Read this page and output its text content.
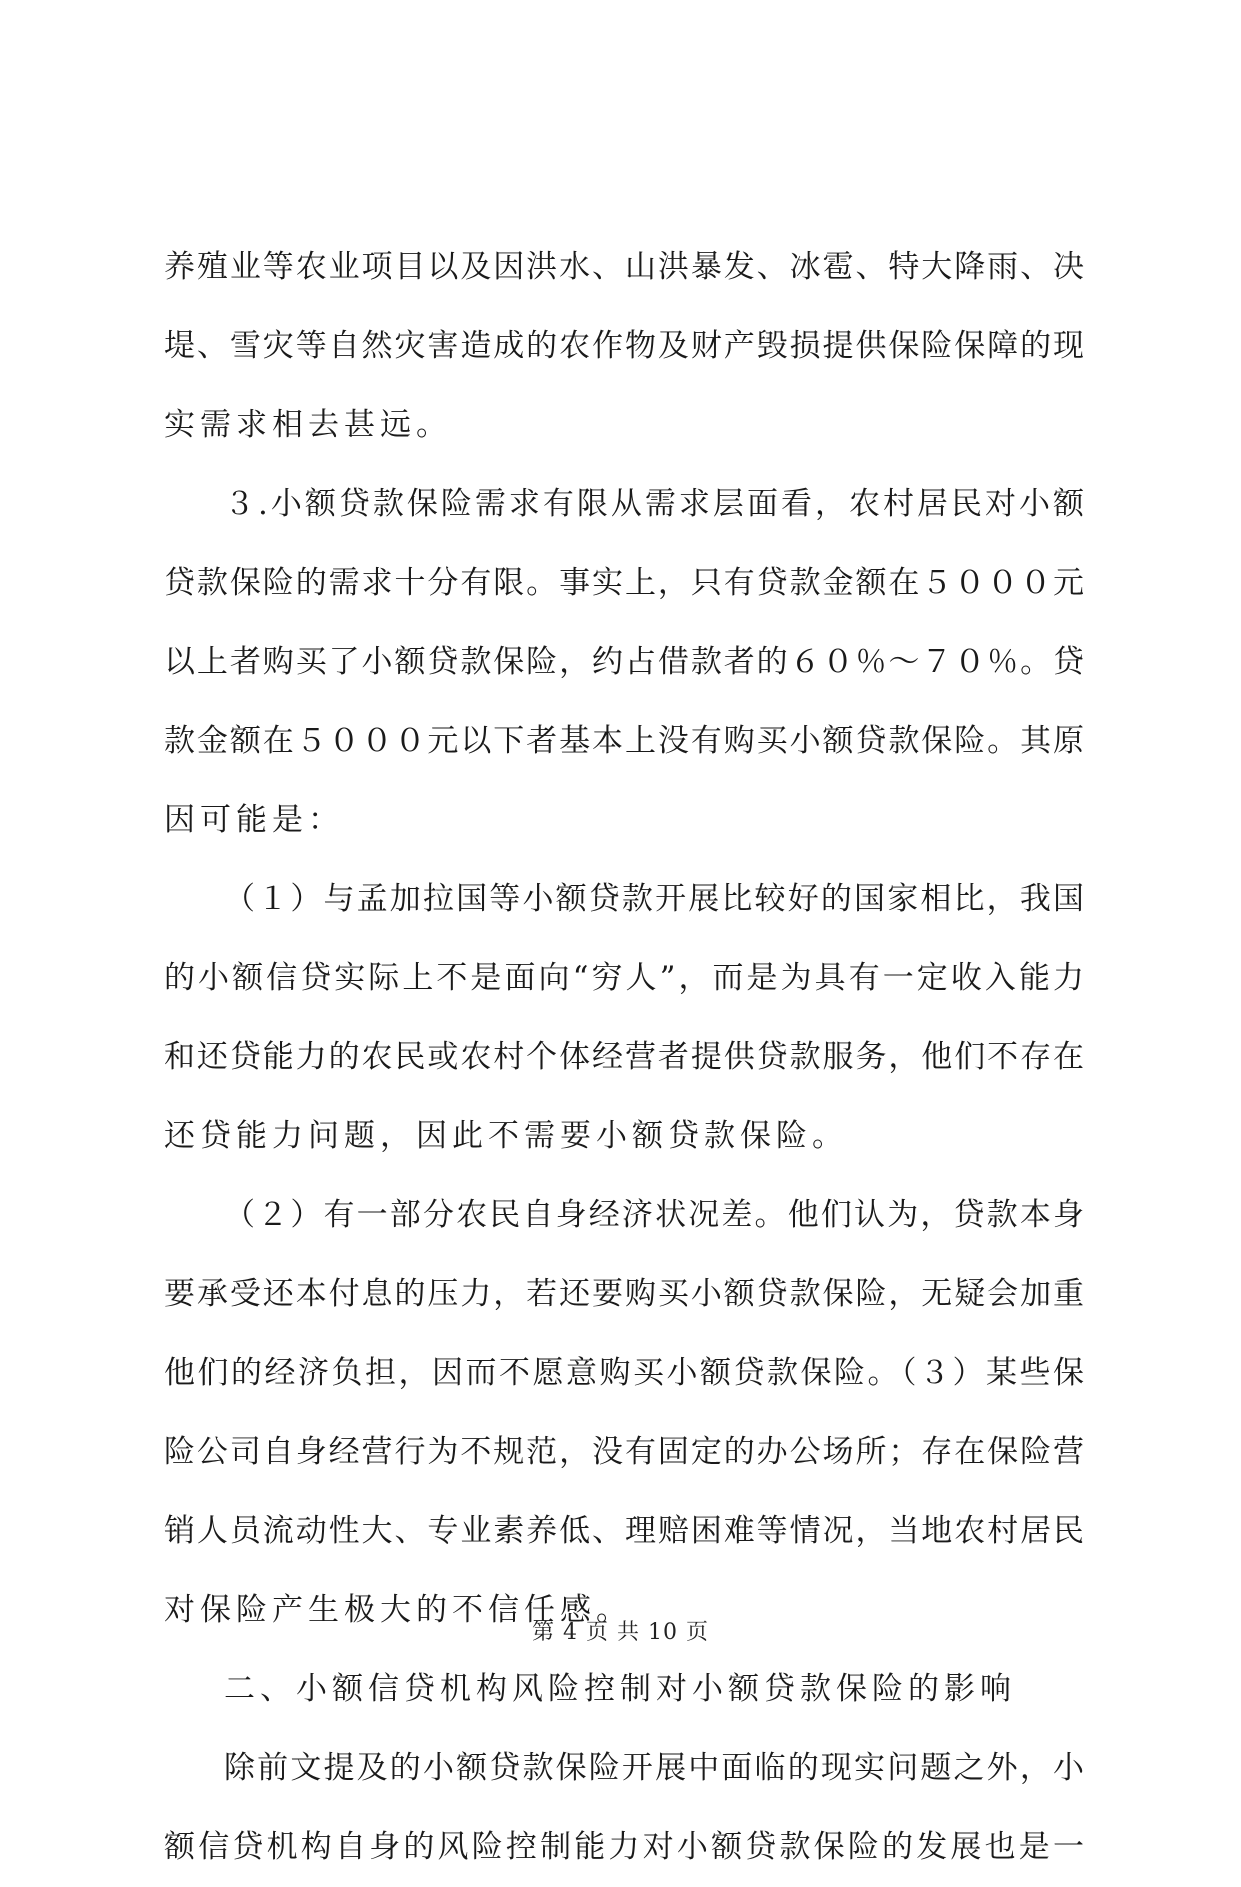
养殖业等农业项目以及因洪水、山洪暴发、冰雹、特大降雨、决
堤、雪灾等自然灾害造成的农作物及财产毁损提供保险保障的现
实需求相去甚远。
３.小额贷款保险需求有限从需求层面看，农村居民对小额
贷款保险的需求十分有限。事实上，只有贷款金额在５０００元
以上者购买了小额贷款保险，约占借款者的６０％～７０％。贷
款金额在５０００元以下者基本上没有购买小额贷款保险。其原
因可能是：
（１）与孟加拉国等小额贷款开展比较好的国家相比，我国
的小额信贷实际上不是面向“穷人”，而是为具有一定收入能力
和还贷能力的农民或农村个体经营者提供贷款服务，他们不存在
还贷能力问题，因此不需要小额贷款保险。
（２）有一部分农民自身经济状况差。他们认为，贷款本身
要承受还本付息的压力，若还要购买小额贷款保险，无疑会加重
他们的经济负担，因而不愿意购买小额贷款保险。（３）某些保
险公司自身经营行为不规范，没有固定的办公场所；存在保险营
销人员流动性大、专业素养低、理赔困难等情况，当地农村居民
对保险产生极大的不信任感。
二、小额信贷机构风险控制对小额贷款保险的影响
除前文提及的小额贷款保险开展中面临的现实问题之外，小
额信贷机构自身的风险控制能力对小额贷款保险的发展也是一
第 4 页 共 10 页
